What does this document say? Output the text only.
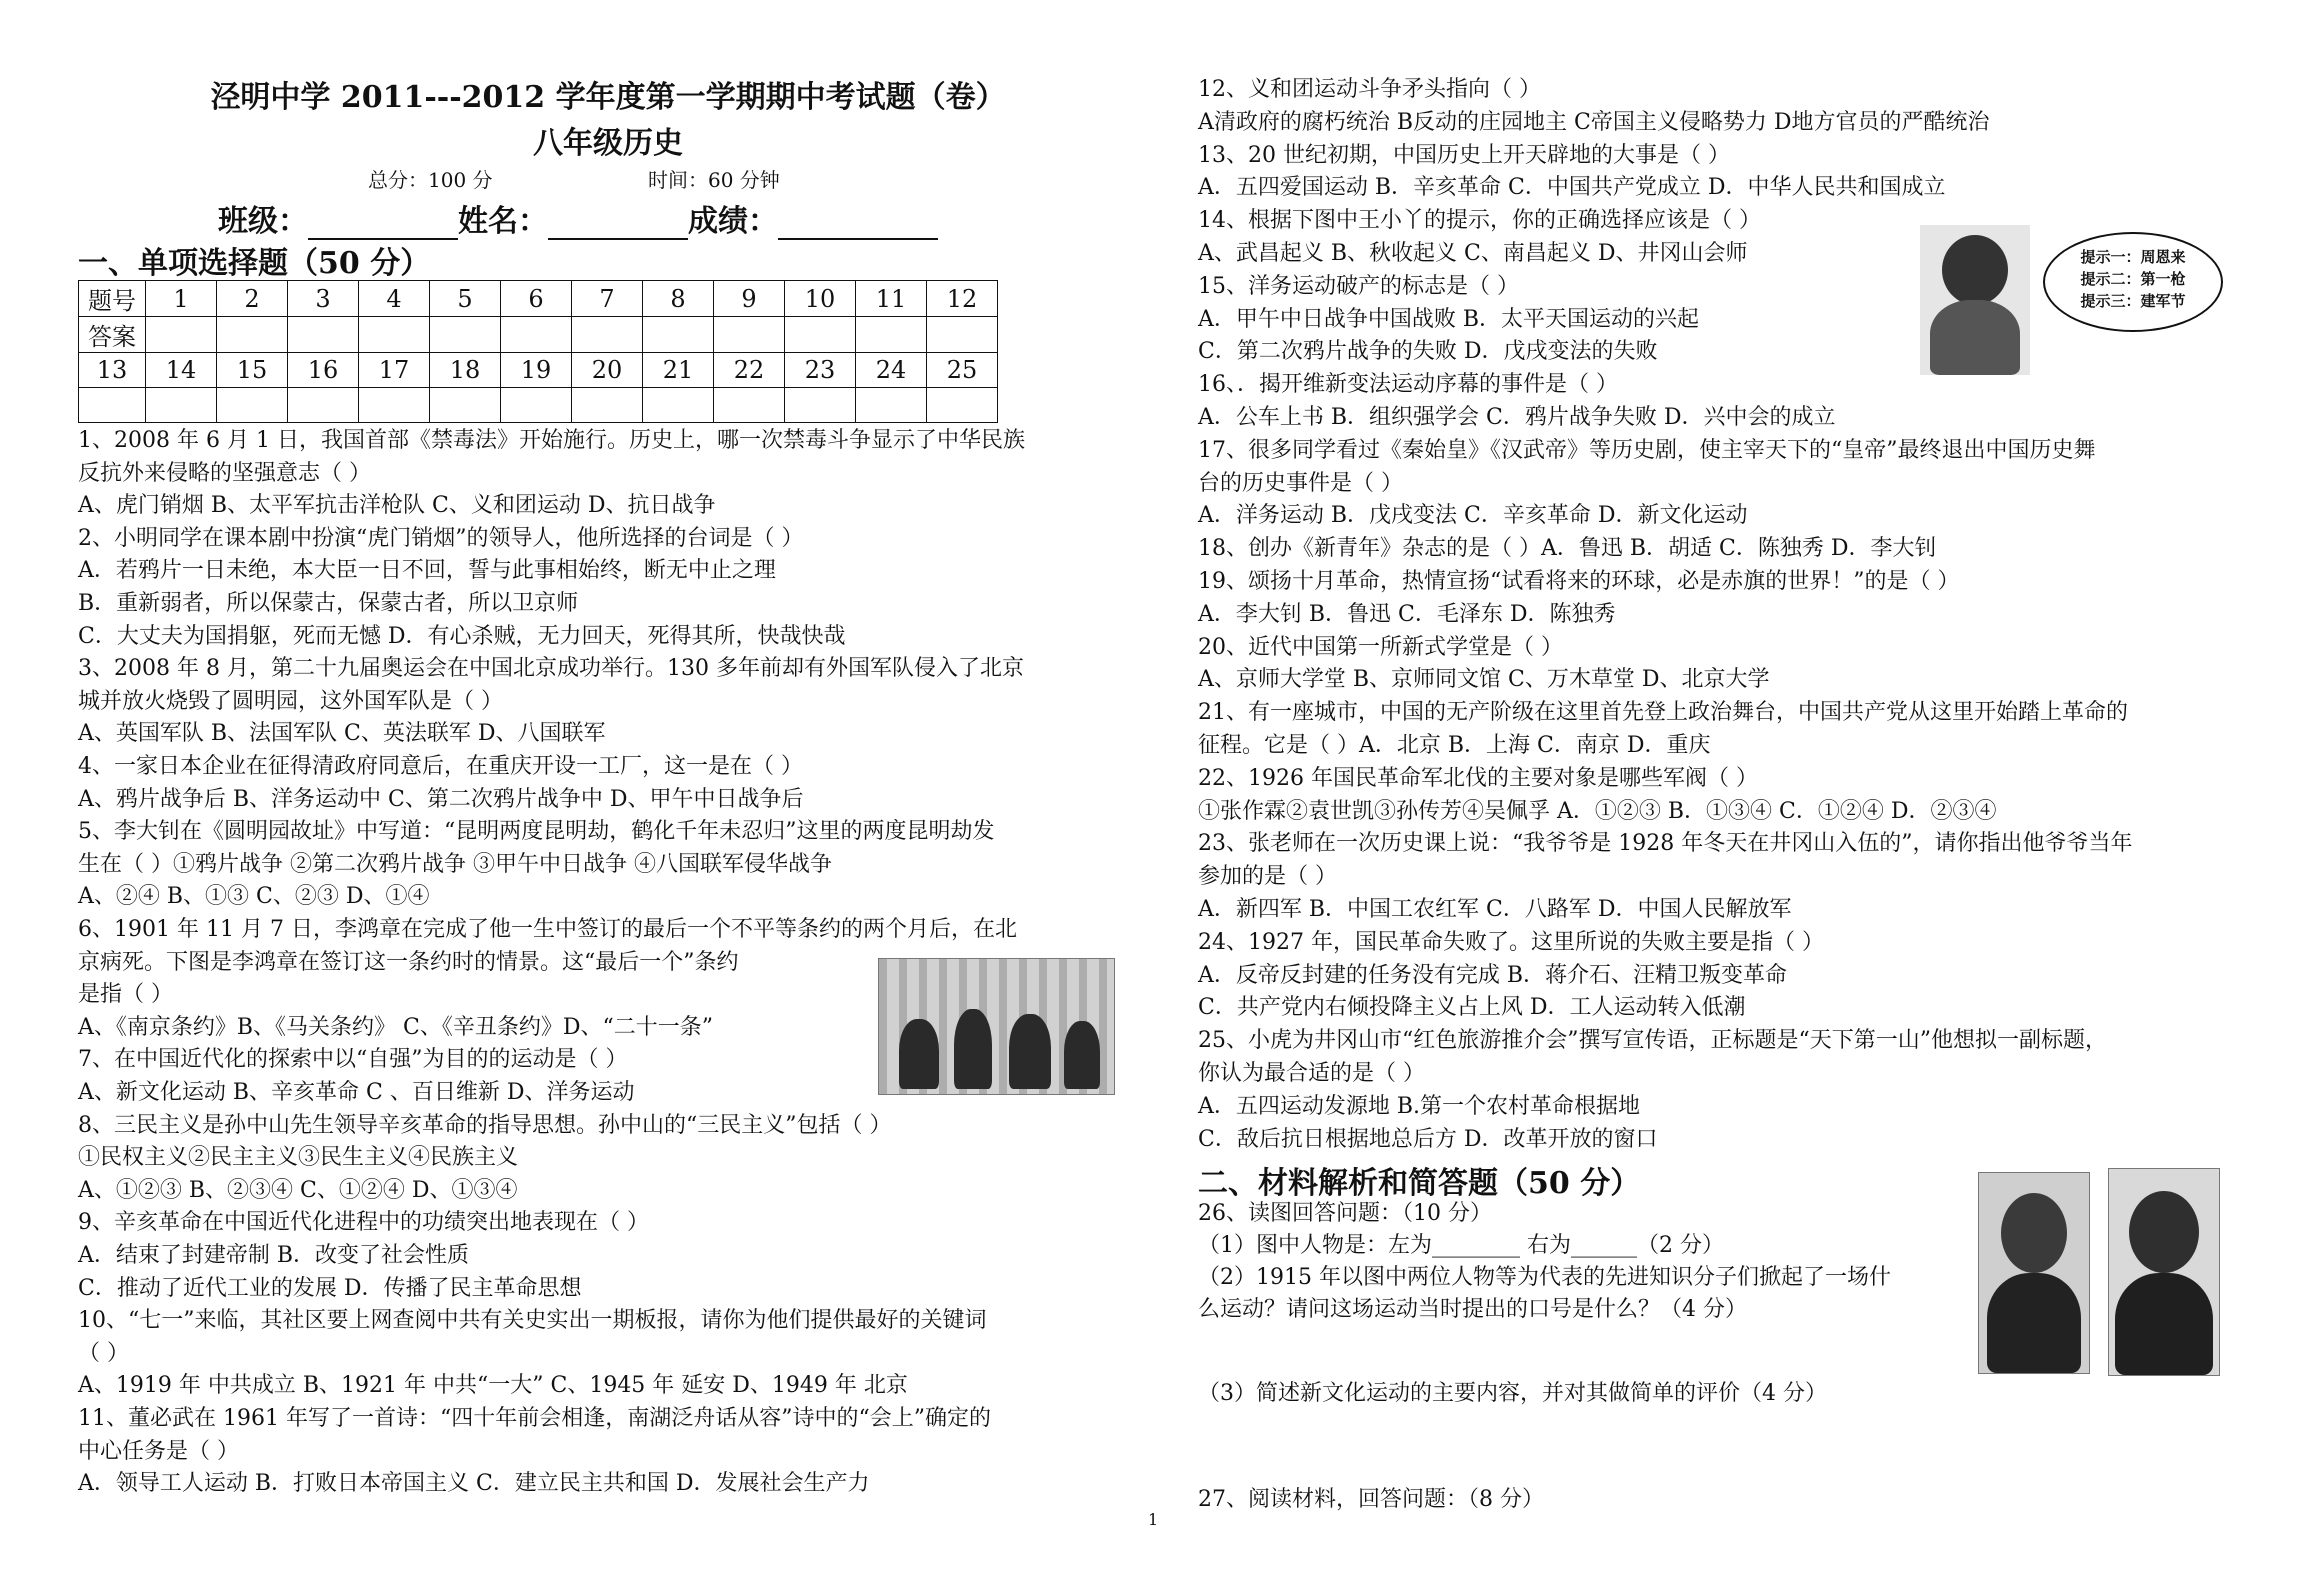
泾明中学 2011---2012 学年度第一学期期中考试题（卷）
八年级历史
总分：100 分	时间：60 分钟
班级：	姓名：	成绩：
一、单项选择题（50 分）
题号	1	2	3	4	5	6	7	8	9	10	11	12
答案												
13	14	15	16	17	18	19	20	21	22	23	24	25

1、2008 年 6 月 1 日，我国首部《禁毒法》开始施行。历史上，哪一次禁毒斗争显示了中华民族
反抗外来侵略的坚强意志（ ）
A、虎门销烟 B、太平军抗击洋枪队 C、义和团运动 D、抗日战争
2、小明同学在课本剧中扮演“虎门销烟”的领导人，他所选择的台词是（ ）
A．若鸦片一日未绝，本大臣一日不回，誓与此事相始终，断无中止之理
B．重新弱者，所以保蒙古，保蒙古者，所以卫京师
C．大丈夫为国捐躯，死而无憾 D．有心杀贼，无力回天，死得其所，快哉快哉
3、2008 年 8 月，第二十九届奥运会在中国北京成功举行。130 多年前却有外国军队侵入了北京
城并放火烧毁了圆明园，这外国军队是（ ）
A、英国军队 B、法国军队 C、英法联军 D、八国联军
4、一家日本企业在征得清政府同意后，在重庆开设一工厂，这一是在（ ）
A、鸦片战争后 B、洋务运动中 C、第二次鸦片战争中 D、甲午中日战争后
5、李大钊在《圆明园故址》中写道：“昆明两度昆明劫，鹤化千年未忍归”这里的两度昆明劫发
生在（ ）①鸦片战争 ②第二次鸦片战争 ③甲午中日战争 ④八国联军侵华战争
A、②④ B、①③ C、②③ D、①④
6、1901 年 11 月 7 日，李鸿章在完成了他一生中签订的最后一个不平等条约的两个月后，在北
京病死。下图是李鸿章在签订这一条约时的情景。这“最后一个”条约
是指（ ）
A、《南京条约》B、《马关条约》 C、《辛丑条约》D、“二十一条”
7、在中国近代化的探索中以“自强”为目的的运动是（ ）
A、新文化运动 B、辛亥革命 C 、百日维新 D、洋务运动
8、三民主义是孙中山先生领导辛亥革命的指导思想。孙中山的“三民主义”包括（ ）
①民权主义②民主主义③民生主义④民族主义
A、①②③ B、②③④ C、①②④ D、①③④
9、辛亥革命在中国近代化进程中的功绩突出地表现在（ ）
A．结束了封建帝制 B．改变了社会性质
C．推动了近代工业的发展 D．传播了民主革命思想
10、“七一”来临，其社区要上网查阅中共有关史实出一期板报，请你为他们提供最好的关键词
（ ）
A、1919 年 中共成立 B、1921 年 中共“一大” C、1945 年 延安 D、1949 年 北京
11、董必武在 1961 年写了一首诗：“四十年前会相逢，南湖泛舟话从容”诗中的“会上”确定的
中心任务是（ ）
A．领导工人运动 B．打败日本帝国主义 C．建立民主共和国 D．发展社会生产力
12、义和团运动斗争矛头指向（ ）
A清政府的腐朽统治 B反动的庄园地主 C帝国主义侵略势力 D地方官员的严酷统治
13、20 世纪初期，中国历史上开天辟地的大事是（ ）
A．五四爱国运动 B．辛亥革命 C．中国共产党成立 D．中华人民共和国成立
14、根据下图中王小丫的提示，你的正确选择应该是（ ）
A、武昌起义 B、秋收起义 C、南昌起义 D、井冈山会师
15、洋务运动破产的标志是（ ）
A．甲午中日战争中国战败 B．太平天国运动的兴起
C．第二次鸦片战争的失败 D．戊戌变法的失败
16、．揭开维新变法运动序幕的事件是（ ）
A．公车上书 B．组织强学会 C．鸦片战争失败 D．兴中会的成立
17、很多同学看过《秦始皇》《汉武帝》等历史剧，使主宰天下的“皇帝”最终退出中国历史舞
台的历史事件是（ ）
A．洋务运动 B．戊戌变法 C．辛亥革命 D．新文化运动
18、创办《新青年》杂志的是（ ）A．鲁迅 B．胡适 C．陈独秀 D．李大钊
19、颂扬十月革命，热情宣扬“试看将来的环球，必是赤旗的世界！”的是（ ）
A．李大钊 B．鲁迅 C．毛泽东 D．陈独秀
20、近代中国第一所新式学堂是（ ）
A、京师大学堂 B、京师同文馆 C、万木草堂 D、北京大学
21、有一座城市，中国的无产阶级在这里首先登上政治舞台，中国共产党从这里开始踏上革命的
征程。它是（ ）A．北京 B．上海 C．南京 D．重庆
22、1926 年国民革命军北伐的主要对象是哪些军阀（ ）
①张作霖②袁世凯③孙传芳④吴佩孚 A．①②③ B．①③④ C．①②④ D．②③④
23、张老师在一次历史课上说：“我爷爷是 1928 年冬天在井冈山入伍的”，请你指出他爷爷当年
参加的是（ ）
A．新四军 B．中国工农红军 C．八路军 D．中国人民解放军
24、1927 年，国民革命失败了。这里所说的失败主要是指（ ）
A．反帝反封建的任务没有完成 B．蒋介石、汪精卫叛变革命
C．共产党内右倾投降主义占上风 D．工人运动转入低潮
25、小虎为井冈山市“红色旅游推介会”撰写宣传语，正标题是“天下第一山”他想拟一副标题，
你认为最合适的是（ ）
A．五四运动发源地 B.第一个农村革命根据地
C．敌后抗日根据地总后方 D．改革开放的窗口
提示一：周恩来
提示二：第一枪
提示三：建军节
二、材料解析和简答题（50 分）
26、读图回答问题：（10 分）
（1）图中人物是：左为________ 右为______（2 分）
（2）1915 年以图中两位人物等为代表的先进知识分子们掀起了一场什
么运动？请问这场运动当时提出的口号是什么？（4 分）
（3）简述新文化运动的主要内容，并对其做简单的评价（4 分）
27、阅读材料，回答问题：（8 分）
1
